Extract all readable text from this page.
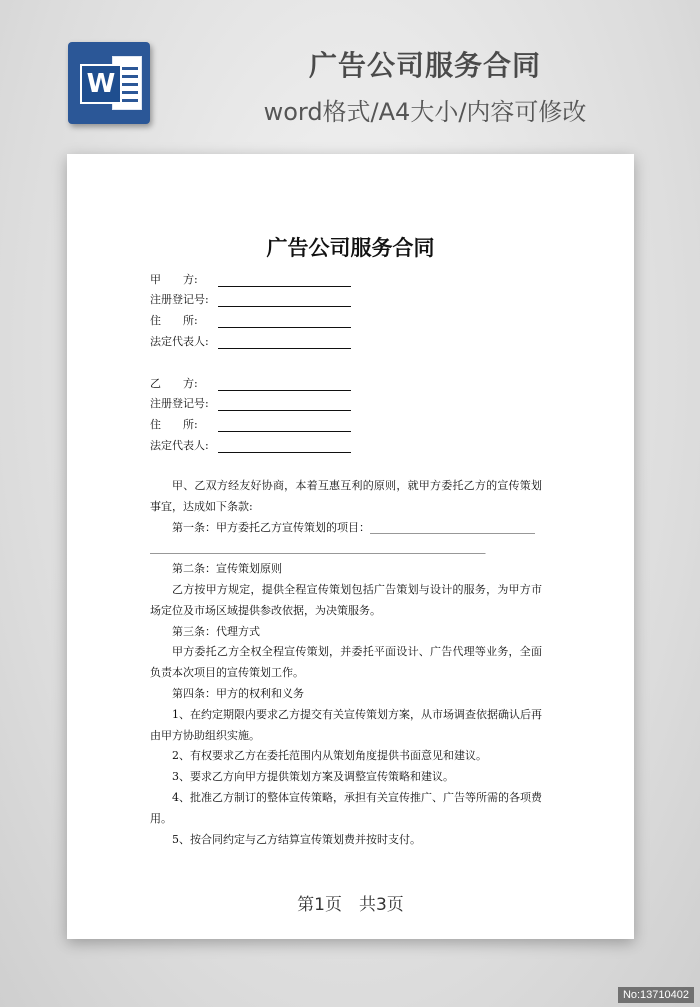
W
广告公司服务合同
word格式/A4大小/内容可修改
广告公司服务合同
甲　　方:
注册登记号:
住　　所:
法定代表人:
乙　　方:
注册登记号:
住　　所:
法定代表人:

甲、乙双方经友好协商，本着互惠互利的原则，就甲方委托乙方的宣传策划事宜，达成如下条款:

第一条：甲方委托乙方宣传策划的项目：______________________________

_____________________________________________________________

第二条：宣传策划原则

乙方按甲方规定，提供全程宣传策划包括广告策划与设计的服务，为甲方市场定位及市场区域提供参改依据，为决策服务。

第三条：代理方式

甲方委托乙方全权全程宣传策划，并委托平面设计、广告代理等业务，全面负责本次项目的宣传策划工作。

第四条：甲方的权利和义务

1、在约定期限内要求乙方提交有关宣传策划方案，从市场调查依据确认后再由甲方协助组织实施。

2、有权要求乙方在委托范围内从策划角度提供书面意见和建议。

3、要求乙方向甲方提供策划方案及调整宣传策略和建议。

4、批准乙方制订的整体宣传策略，承担有关宣传推广、广告等所需的各项费用。

5、按合同约定与乙方结算宣传策划费并按时支付。

第1页　共3页
No:13710402
